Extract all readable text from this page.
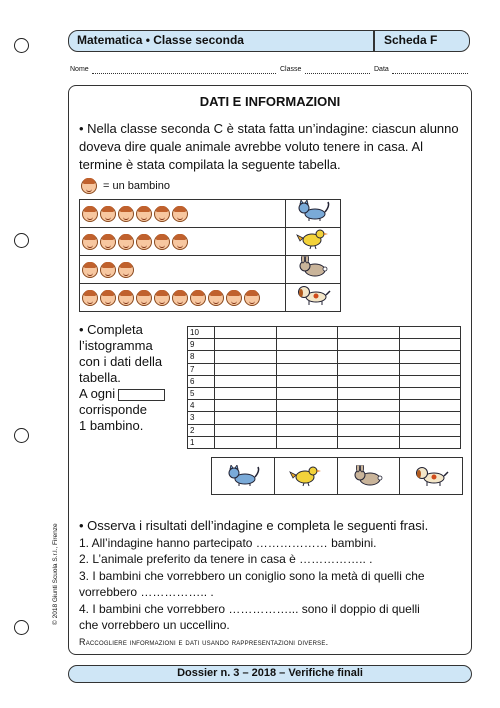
Matematica • Classe seconda	Scheda F
Nome	Classe	Data
© 2018 Giunti Scuola S.r.l., Firenze
DATI E INFORMAZIONI
• Nella classe seconda C è stata fatta un’indagine: ciascun alunno doveva dire quale animale avrebbe voluto tenere in casa. Al termine è stata compilata la seguente tabella.
= un bambino

• Completa
l’istogramma
con i dati della
tabella.
A ogni
corrisponde
1 bambino.
10				
9				
8				
7				
6				
5				
4				
3				
2				
1				
• Osserva i risultati dell’indagine e completa le seguenti frasi.
1. All’indagine hanno partecipato ……………… bambini.
2. L’animale preferito da tenere in casa è …………….. .
3. I bambini che vorrebbero un coniglio sono la metà di quelli che
vorrebbero …………….. .
4. I bambini che vorrebbero ……………... sono il doppio di quelli
che vorrebbero un uccellino.
Raccogliere informazioni e dati usando rappresentazioni diverse.
Dossier n. 3 – 2018 – Verifiche finali
